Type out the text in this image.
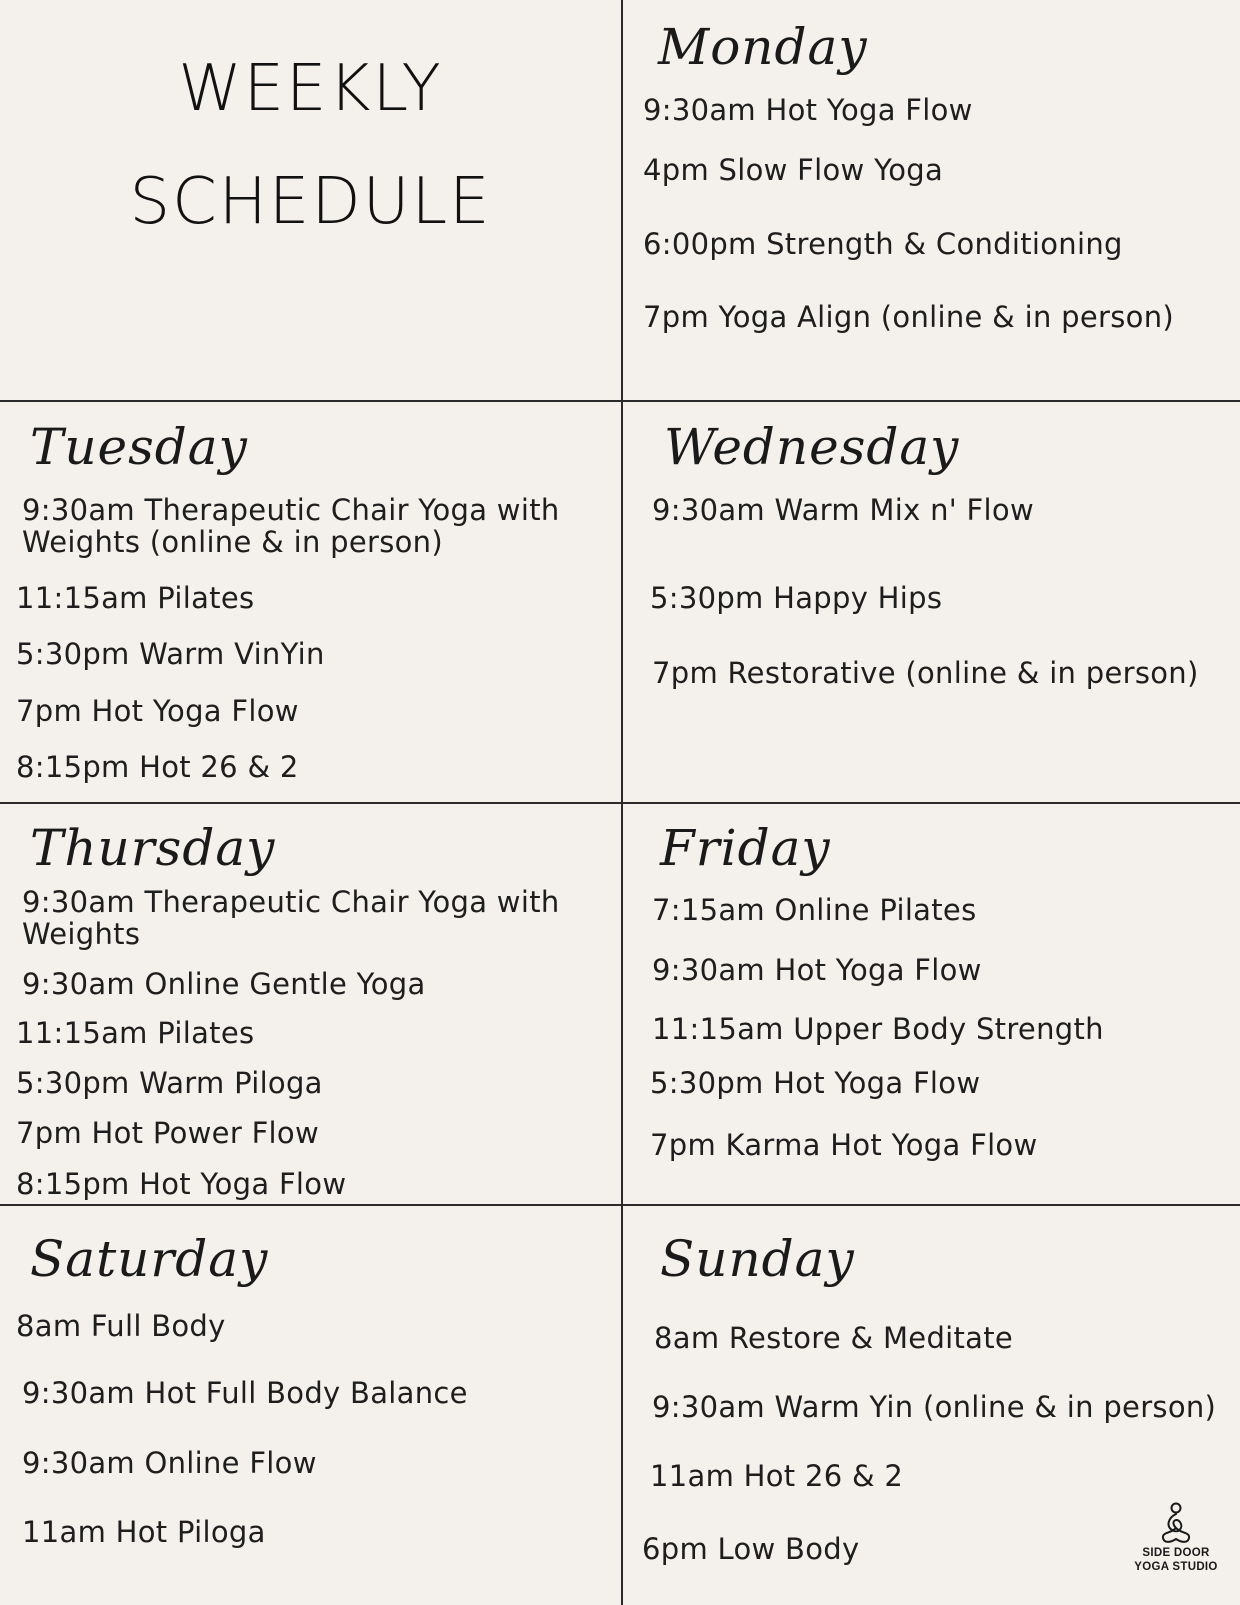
WEEKLY
SCHEDULE
Monday
9:30am Hot Yoga Flow
4pm Slow Flow Yoga
6:00pm Strength & Conditioning
7pm Yoga Align (online & in person)
Tuesday
9:30am Therapeutic Chair Yoga with Weights (online & in person)
11:15am Pilates
5:30pm Warm VinYin
7pm Hot Yoga Flow
8:15pm Hot 26 & 2
Wednesday
9:30am Warm Mix n' Flow
5:30pm Happy Hips
7pm Restorative (online & in person)
Thursday
9:30am Therapeutic Chair Yoga with Weights
9:30am Online Gentle Yoga
11:15am Pilates
5:30pm Warm Piloga
7pm Hot Power Flow
8:15pm Hot Yoga Flow
Friday
7:15am Online Pilates
9:30am Hot Yoga Flow
11:15am Upper Body Strength
5:30pm Hot Yoga Flow
7pm Karma Hot Yoga Flow
Saturday
8am Full Body
9:30am Hot Full Body Balance
9:30am Online Flow
11am Hot Piloga
Sunday
8am Restore & Meditate
9:30am Warm Yin (online & in person)
11am Hot 26 & 2
6pm Low Body	SIDE DOOR
YOGA STUDIO
